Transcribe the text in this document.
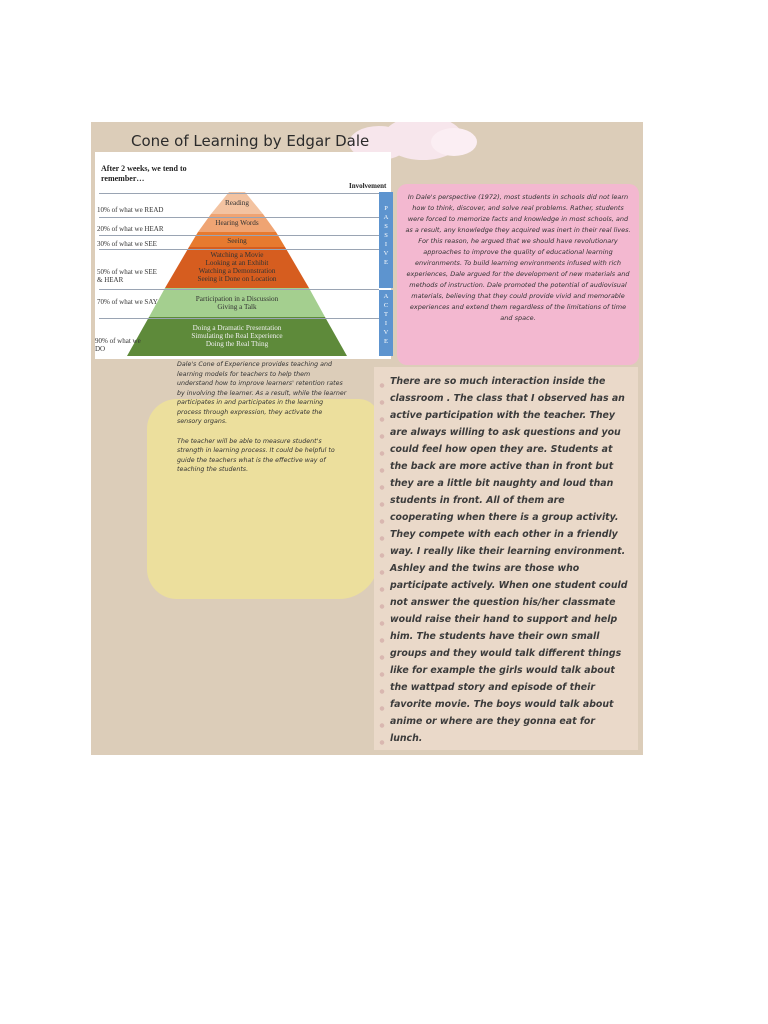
Cone of Learning by Edgar Dale
After 2 weeks, we tend to remember…
Involvement
10% of what we READ
20% of what we HEAR
30% of what we SEE
50% of what we SEE & HEAR
70% of what we SAY
90% of what we DO
Reading
Hearing Words
Seeing
Watching a Movie
Looking at an Exhibit
Watching a Demonstration
Seeing it Done on Location
Participation in a Discussion
Giving a Talk
Doing a Dramatic Presentation
Simulating the Real Experience
Doing the Real Thing
P
A
S
S
I
V
E
A
C
T
I
V
E
In Dale's perspective (1972), most students in schools did not learn how to think, discover, and solve real problems. Rather, students were forced to memorize facts and knowledge in most schools, and as a result, any knowledge they acquired was inert in their real lives. For this reason, he argued that we should have revolutionary approaches to improve the quality of educational learning environments. To build learning environments infused with rich experiences, Dale argued for the development of new materials and methods of instruction. Dale promoted the potential of audiovisual materials, believing that they could provide vivid and memorable experiences and extend them regardless of the limitations of time and space.
Dale's Cone of Experience provides teaching and learning models for teachers to help them understand how to improve learners' retention rates by involving the learner. As a result, while the learner participates in and participates in the learning process through expression, they activate the sensory organs.
The teacher will be able to measure student's strength in learning process. It could be helpful to guide the teachers what is the effective way of teaching the students.
There are so much interaction inside the classroom . The class that I observed has an active participation with the teacher. They are always willing to ask questions and you could feel how open they are. Students at the back are more active than in front but they are a little bit naughty and loud than students in front. All of them are cooperating when there is a group activity. They compete with each other in a friendly way. I really like their learning environment. Ashley and the twins are those who participate actively. When one student could not answer the question his/her classmate would raise their hand to support and help him. The students have their own small groups and they would talk different things like for example the girls would talk about the wattpad story and episode of their favorite movie. The boys would talk about anime or where are they gonna eat for lunch.
